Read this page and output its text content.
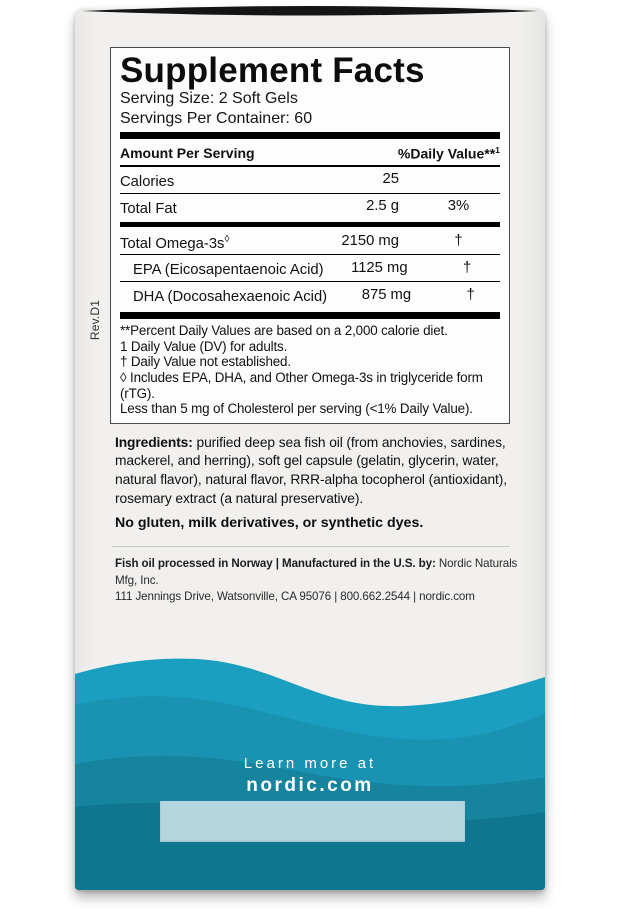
Supplement Facts
Serving Size: 2 Soft Gels
Servings Per Container: 60
Amount Per Serving	%Daily Value**$^1$
Calories	25
Total Fat	2.5 g	3%
Total Omega-3s◊	2150 mg	†
EPA (Eicosapentaenoic Acid)	1125 mg	†
DHA (Docosahexaenoic Acid)	875 mg	†
**Percent Daily Values are based on a 2,000 calorie diet.
1 Daily Value (DV) for adults.
† Daily Value not established.
◊ Includes EPA, DHA, and Other Omega-3s in triglyceride form (rTG).
Less than 5 mg of Cholesterol per serving (<1% Daily Value).
Rev.D1
Ingredients: purified deep sea fish oil (from anchovies, sardines, mackerel, and herring), soft gel capsule (gelatin, glycerin, water, natural flavor), natural flavor, RRR-alpha tocopherol (antioxidant), rosemary extract (a natural preservative).
No gluten, milk derivatives, or synthetic dyes.
Fish oil processed in Norway | Manufactured in the U.S. by: Nordic Naturals Mfg, Inc.
111 Jennings Drive, Watsonville, CA 95076 | 800.662.2544 | nordic.com
Learn more at
nordic.com
